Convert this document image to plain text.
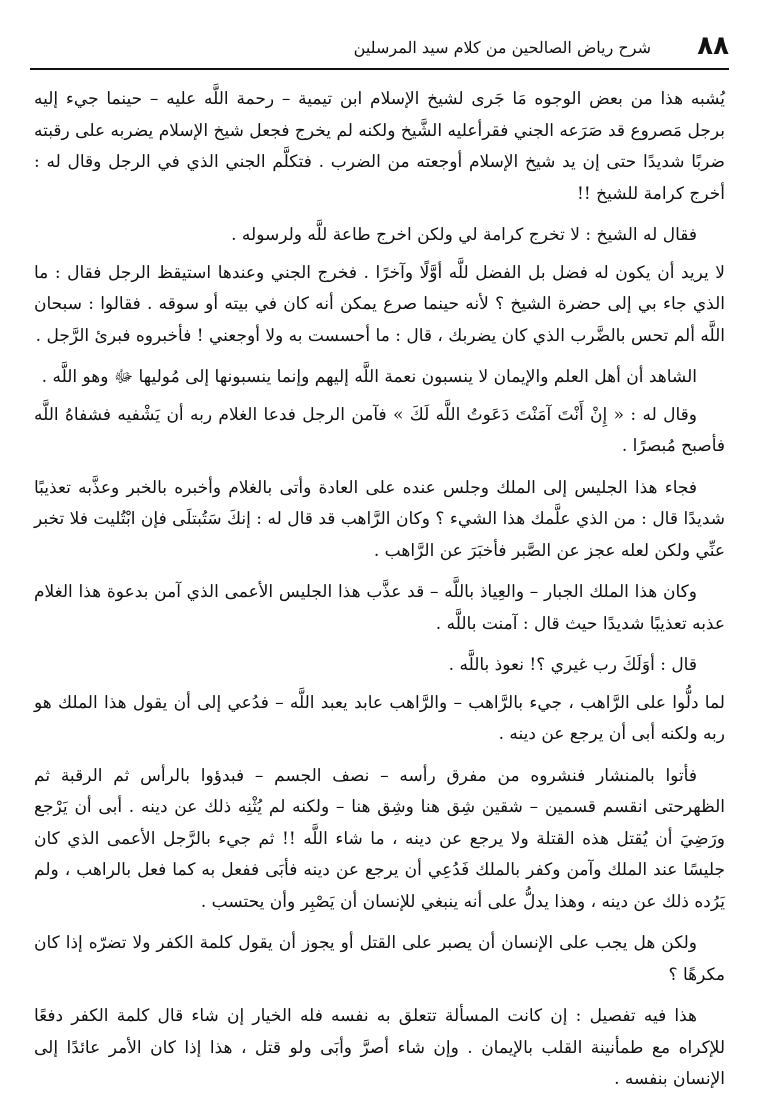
٨٨
شرح رياض الصالحين من كلام سيد المرسلين

يُشبه هذا من بعض الوجوه مَا جَرى لشيخ الإسلام ابن تيمية – رحمة اللَّه عليه – حينما جيء إليه برجل مَصروع قد صَرَعه الجني فقرأعليه الشَّيخ ولكنه لم يخرج فجعل شيخ الإسلام يضربه على رقبته ضربًا شديدًا حتى إن يد شيخ الإسلام أوجعته من الضرب . فتكلَّم الجني الذي في الرجل وقال له : أخرج كرامة للشيخ !!

فقال له الشيخ : لا تخرج كرامة لي ولكن اخرج طاعة للَّه ولرسوله .

لا يريد أن يكون له فضل بل الفضل للَّه أوَّلًا وآخرًا . فخرج الجني وعندها استيقظ الرجل فقال : ما الذي جاء بي إلى حضرة الشيخ ؟ لأنه حينما صرع يمكن أنه كان في بيته أو سوقه . فقالوا : سبحان اللَّه ألم تحس بالضَّرب الذي كان يضربك ، قال : ما أحسست به ولا أوجعني ! فأخبروه فبرئ الرَّجل .

الشاهد أن أهل العلم والإيمان لا ينسبون نعمة اللَّه إليهم وإنما ينسبونها إلى مُوليها ﷻ وهو اللَّه .

وقال له : « إِنْ أَنْتَ آمَنْتَ دَعَوتُ اللَّه لَكَ » فآمن الرجل فدعا الغلام ربه أن يَشْفيه فشفاهُ اللَّه فأصبح مُبصرًا .

فجاء هذا الجليس إلى الملك وجلس عنده على العادة وأتى بالغلام وأخبره بالخبر وعذَّبه تعذيبًا شديدًا قال : من الذي علَّمك هذا الشيء ؟ وكان الرَّاهب قد قال له : إنكَ سَتُبتلَى فإن ابْتُليت فلا تخبر عنِّي ولكن لعله عجز عن الصَّبر فأخبَرَ عن الرَّاهب .

وكان هذا الملك الجبار – والعِياذ باللَّه – قد عذَّب هذا الجليس الأعمى الذي آمن بدعوة هذا الغلام عذبه تعذيبًا شديدًا حيث قال : آمنت باللَّه .

قال : أوَلَكَ رب غيري ؟! نعوذ باللَّه .

لما دلُّوا على الرَّاهب ، جيء بالرَّاهب – والرَّاهب عابد يعبد اللَّه – فدُعي إلى أن يقول هذا الملك هو ربه ولكنه أبى أن يرجع عن دينه .

فأتوا بالمنشار فنشروه من مفرق رأسه – نصف الجسم – فبدؤوا بالرأس ثم الرقبة ثم الظهرحتى انقسم قسمين – شقين شِق هنا وشِق هنا – ولكنه لم يُثْنِه ذلك عن دينه . أبى أن يَرْجع ورَضِيَ أن يُقتل هذه القتلة ولا يرجع عن دينه ، ما شاء اللَّه !! ثم جيء بالرَّجل الأعمى الذي كان جليسًا عند الملك وآمن وكفر بالملك فَدُعِي أن يرجع عن دينه فأبَى ففعل به كما فعل بالراهب ، ولم يَرُده ذلك عن دينه ، وهذا يدلُّ على أنه ينبغي للإنسان أن يَصْبِر وأن يحتسب .

ولكن هل يجب على الإنسان أن يصبر على القتل أو يجوز أن يقول كلمة الكفر ولا تضرّه إذا كان مكرهًا ؟

هذا فيه تفصيل : إن كانت المسألة تتعلق به نفسه فله الخيار إن شاء قال كلمة الكفر دفعًا للإكراه مع طمأنينة القلب بالإيمان . وإن شاء أصرَّ وأبَى ولو قتل ، هذا إذا كان الأمر عائدًا إلى الإنسان بنفسه .
